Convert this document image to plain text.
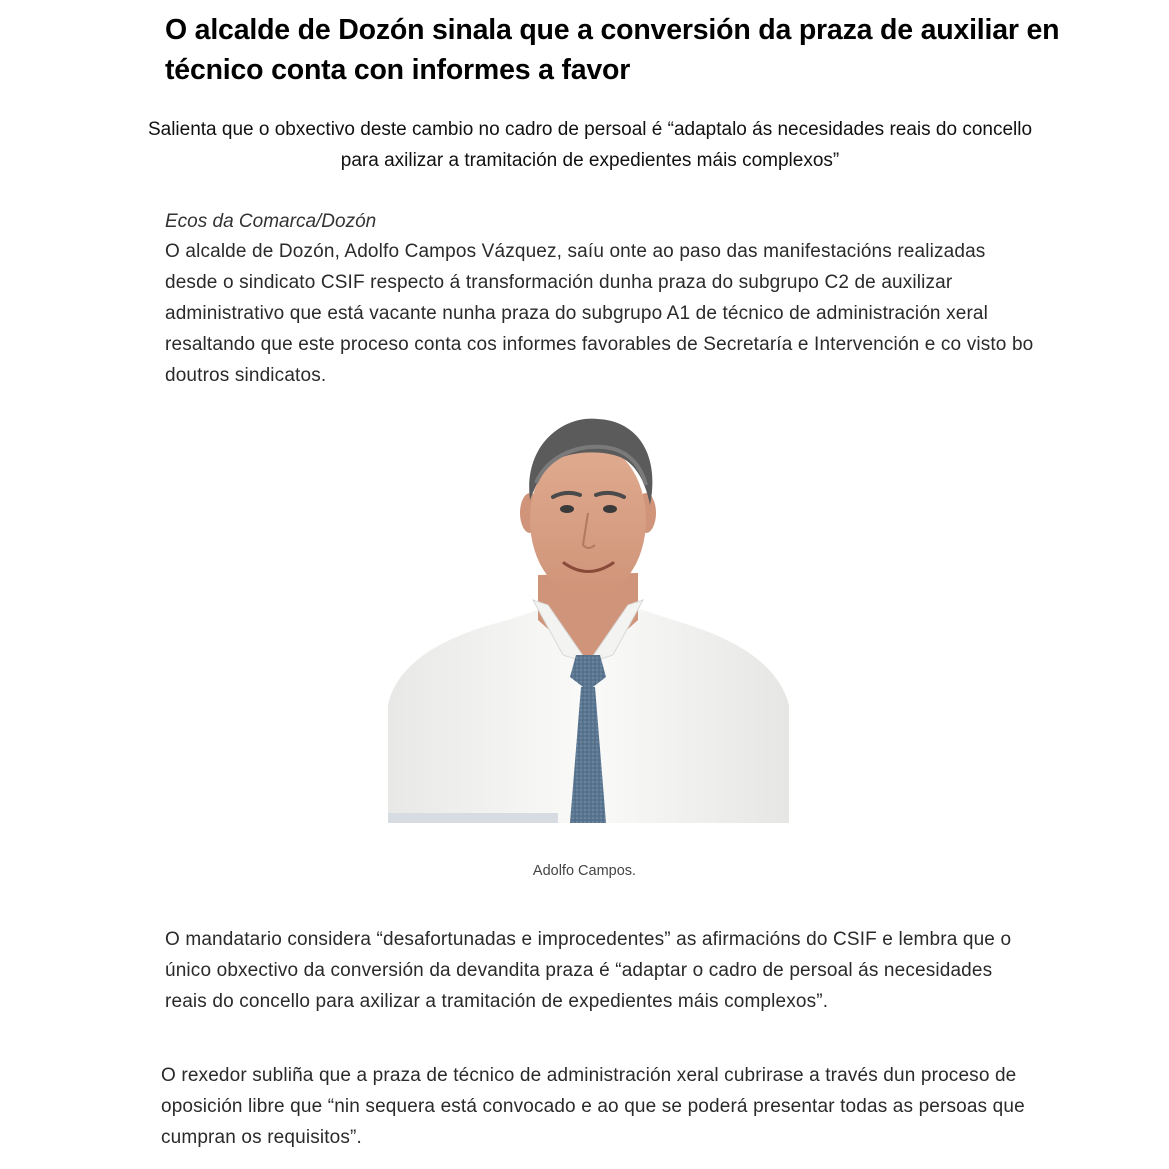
O alcalde de Dozón sinala que a conversión da praza de auxiliar en técnico conta con informes a favor

Salienta que o obxectivo deste cambio no cadro de persoal é “adaptalo ás necesidades reais do concello para axilizar a tramitación de expedientes máis complexos”

Ecos da Comarca/Dozón

O alcalde de Dozón, Adolfo Campos Vázquez, saíu onte ao paso das manifestacións realizadas desde o sindicato CSIF respecto á transformación dunha praza do subgrupo C2 de auxilizar administrativo que está vacante nunha praza do subgrupo A1 de técnico de administración xeral resaltando que este proceso conta cos informes favorables de Secretaría e Intervención e co visto bo doutros sindicatos.

Adolfo Campos.

O mandatario considera “desafortunadas e improcedentes” as afirmacións do CSIF e lembra que o único obxectivo da conversión da devandita praza é “adaptar o cadro de persoal ás necesidades reais do concello para axilizar a tramitación de expedientes máis complexos”.

O rexedor subliña que a praza de técnico de administración xeral cubrirase a través dun proceso de oposición libre que “nin sequera está convocado e ao que se poderá presentar todas as persoas que cumpran os requisitos”.
